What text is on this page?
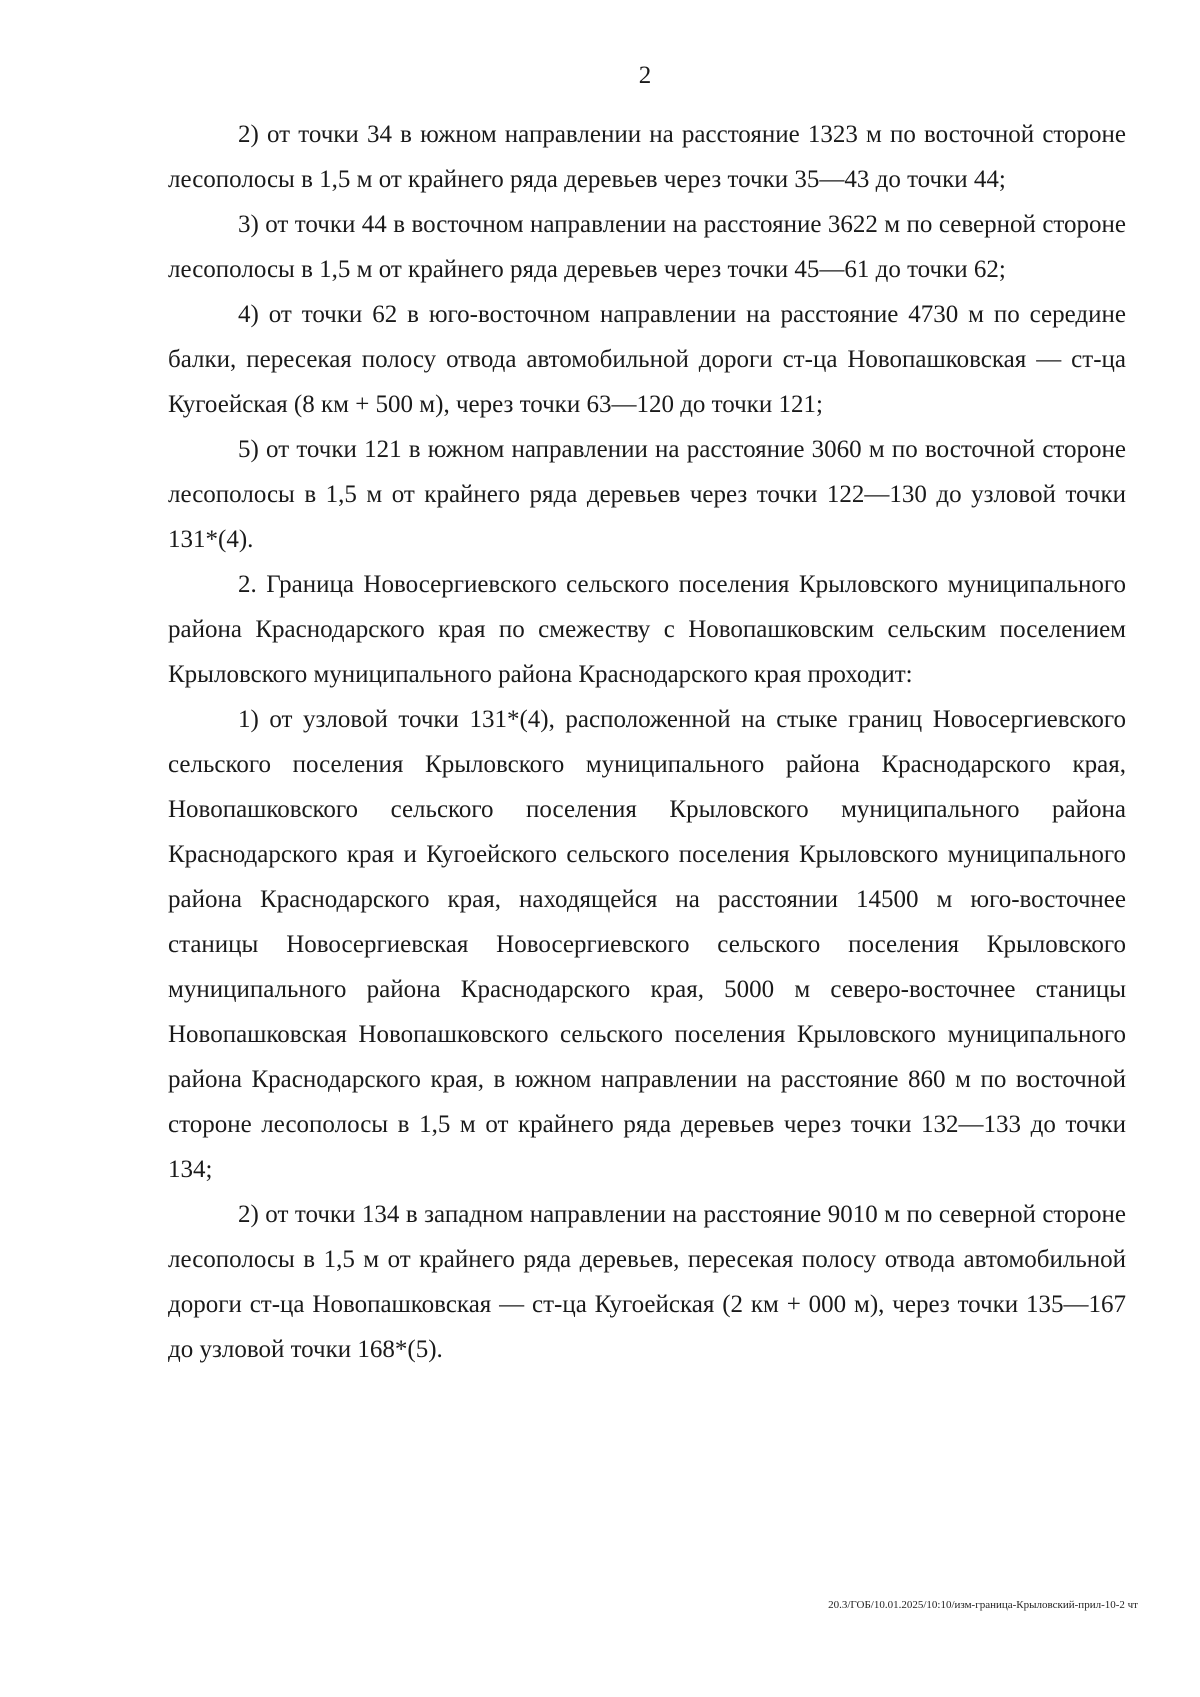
2

2) от точки 34 в южном направлении на расстояние 1323 м по восточной стороне лесополосы в 1,5 м от крайнего ряда деревьев через точки 35—43 до точки 44;

3) от точки 44 в восточном направлении на расстояние 3622 м по северной стороне лесополосы в 1,5 м от крайнего ряда деревьев через точки 45—61 до точки 62;

4) от точки 62 в юго-восточном направлении на расстояние 4730 м по середине балки, пересекая полосу отвода автомобильной дороги ст-ца Новопашковская — ст-ца Кугоейская (8 км + 500 м), через точки 63—120 до точки 121;

5) от точки 121 в южном направлении на расстояние 3060 м по восточной стороне лесополосы в 1,5 м от крайнего ряда деревьев через точки 122—130 до узловой точки 131*(4).

2. Граница Новосергиевского сельского поселения Крыловского муниципального района Краснодарского края по смежеству с Новопашковским сельским поселением Крыловского муниципального района Краснодарского края проходит:

1) от узловой точки 131*(4), расположенной на стыке границ Новосергиевского сельского поселения Крыловского муниципального района Краснодарского края, Новопашковского сельского поселения Крыловского муниципального района Краснодарского края и Кугоейского сельского поселения Крыловского муниципального района Краснодарского края, находящейся на расстоянии 14500 м юго-восточнее станицы Новосергиевская Новосергиевского сельского поселения Крыловского муниципального района Краснодарского края, 5000 м северо-восточнее станицы Новопашковская Новопашковского сельского поселения Крыловского муниципального района Краснодарского края, в южном направлении на расстояние 860 м по восточной стороне лесополосы в 1,5 м от крайнего ряда деревьев через точки 132—133 до точки 134;

2) от точки 134 в западном направлении на расстояние 9010 м по северной стороне лесополосы в 1,5 м от крайнего ряда деревьев, пересекая полосу отвода автомобильной дороги ст-ца Новопашковская — ст-ца Кугоейская (2 км + 000 м), через точки 135—167 до узловой точки 168*(5).

20.3/ГОБ/10.01.2025/10:10/изм-граница-Крыловский-прил-10-2 чт
